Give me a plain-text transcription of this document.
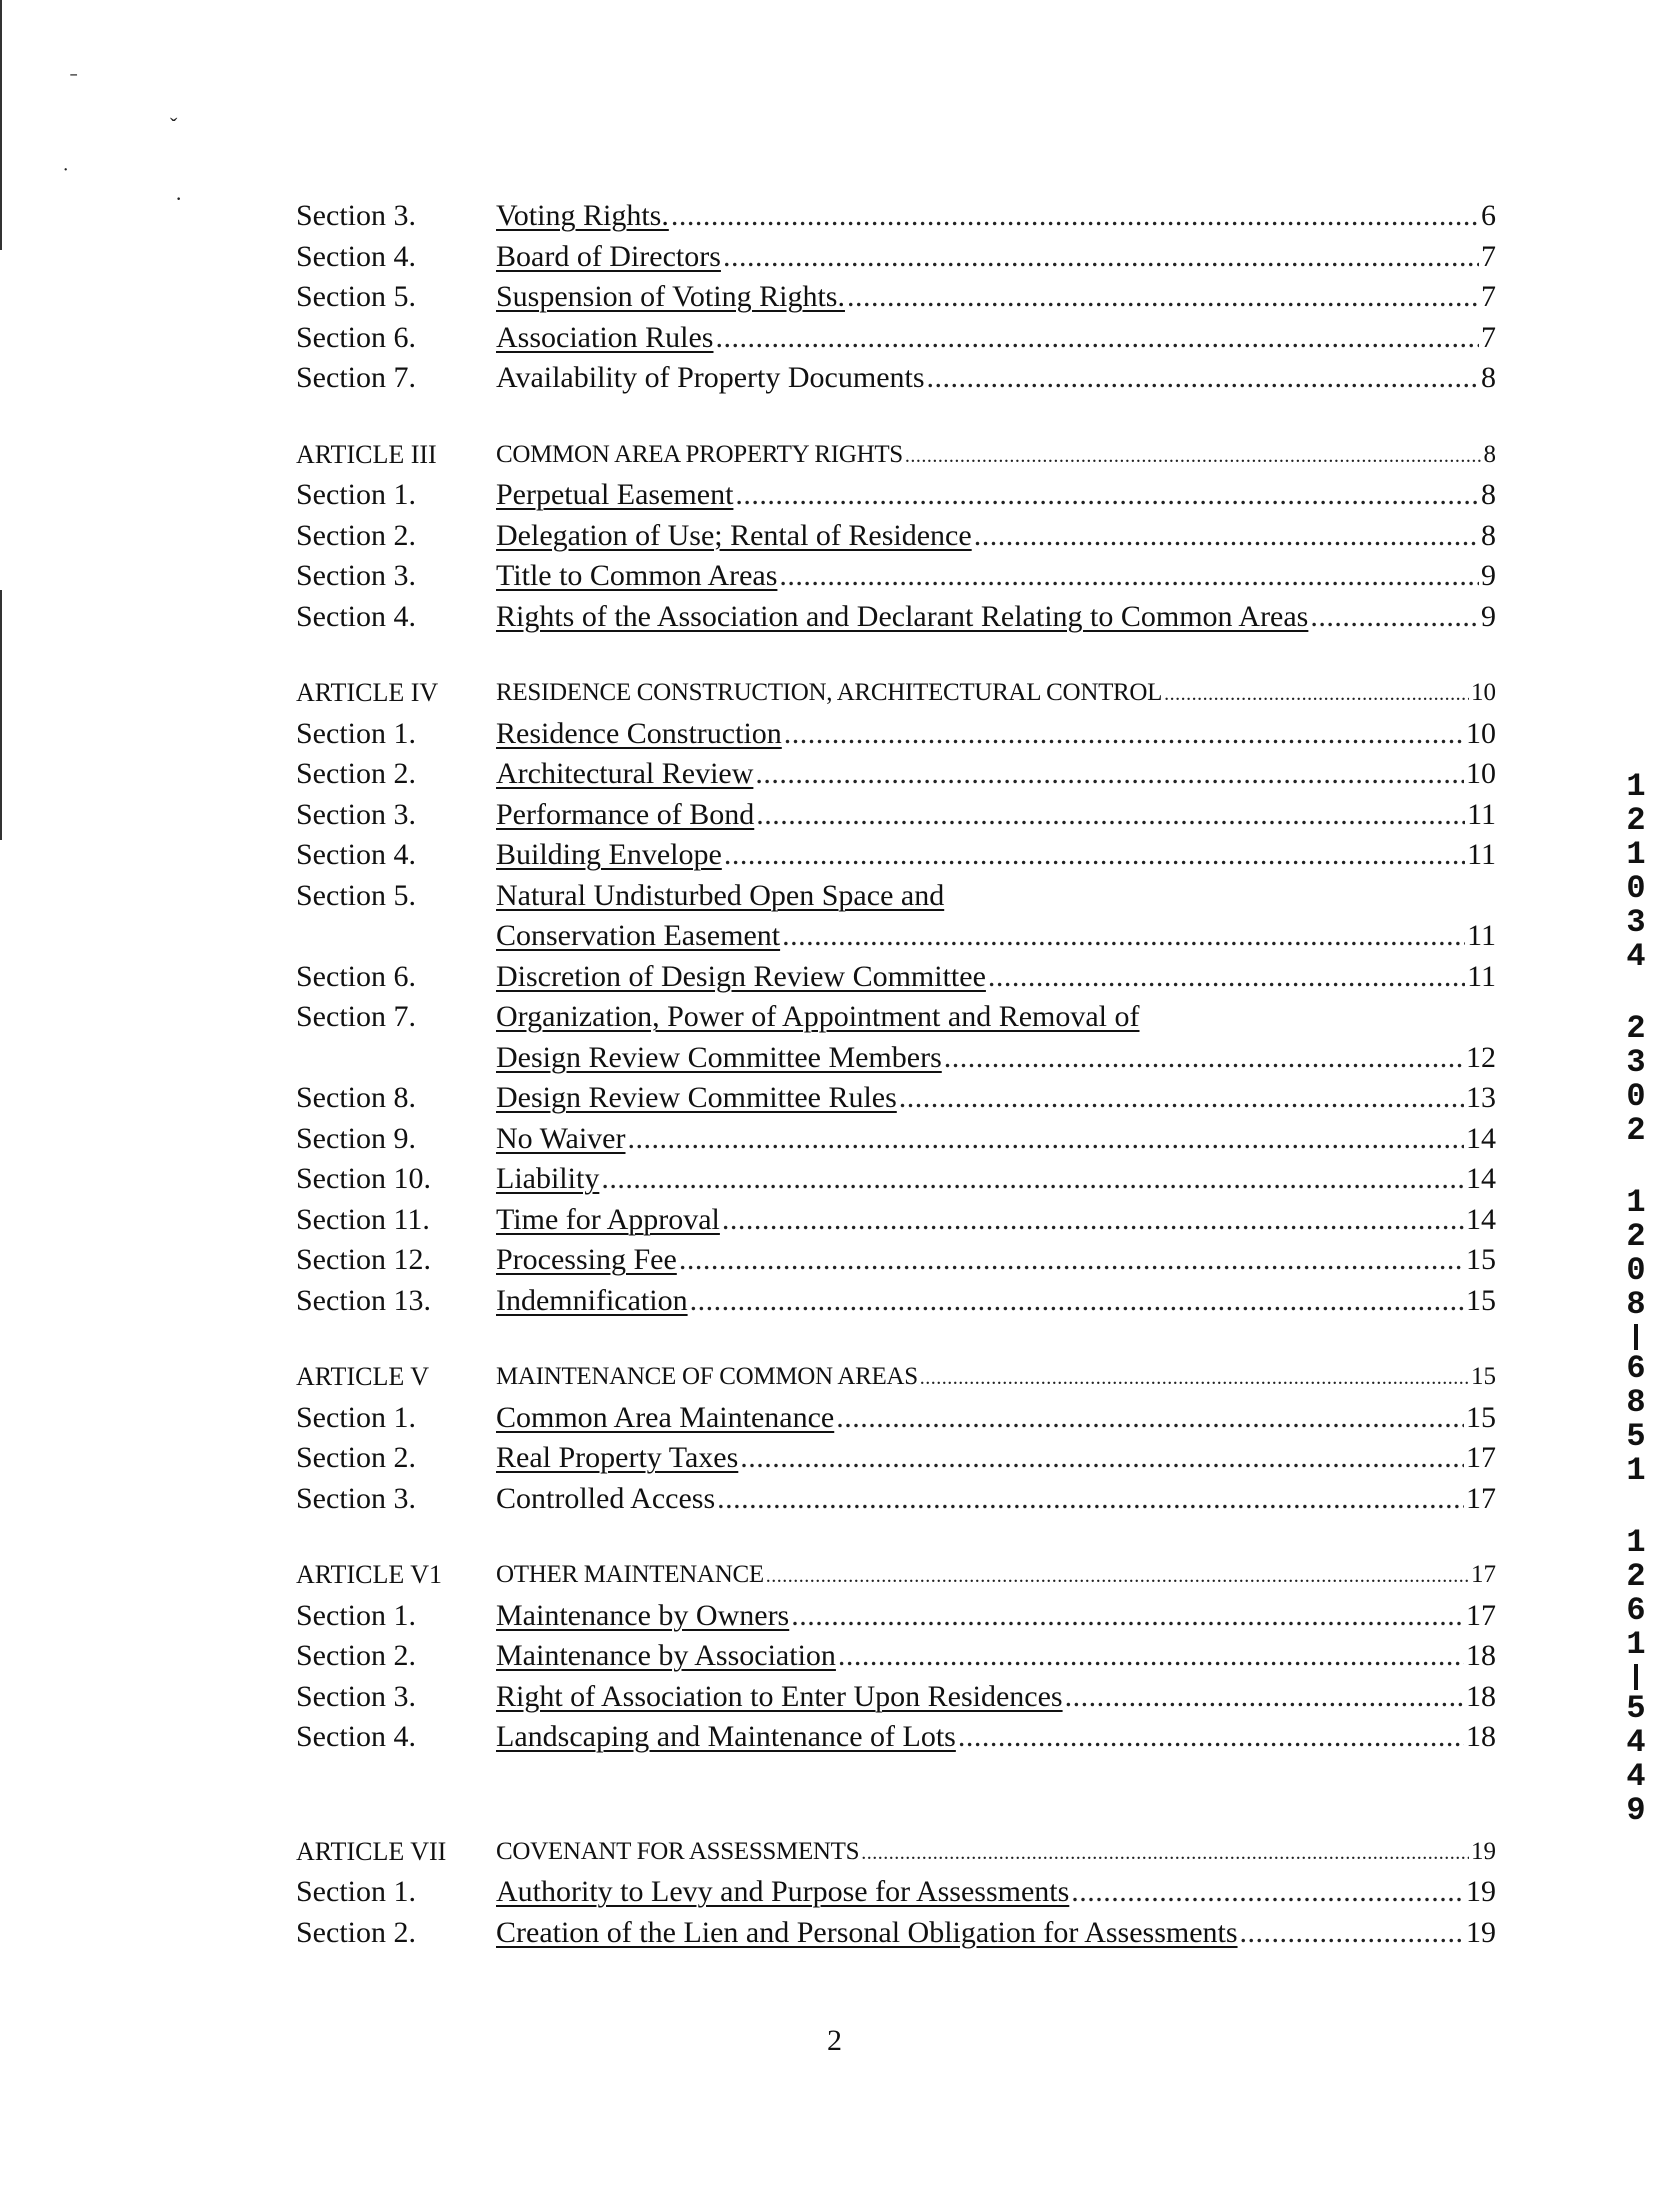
ˉ
ˇ
˙
·
Section 3.	Voting Rights. .....	6
Section 4.	Board of Directors .....	7
Section 5.	Suspension of Voting Rights. .....	7
Section 6.	Association Rules .....	7
Section 7.	Availability of Property Documents .....	8
ARTICLE III COMMON AREA PROPERTY RIGHTS .....	8
Section 1.	Perpetual Easement .....	8
Section 2.	Delegation of Use; Rental of Residence .....	8
Section 3.	Title to Common Areas .....	9
Section 4.	Rights of the Association and Declarant Relating to Common Areas .....	9
ARTICLE IV RESIDENCE CONSTRUCTION, ARCHITECTURAL CONTROL .....	10
Section 1.	Residence Construction .....	10
Section 2.	Architectural Review .....	10
Section 3.	Performance of Bond .....	11
Section 4.	Building Envelope .....	11
Section 5.	Natural Undisturbed Open Space and
Conservation Easement .....	11
Section 6.	Discretion of Design Review Committee .....	11
Section 7.	Organization, Power of Appointment and Removal of
Design Review Committee Members .....	12
Section 8.	Design Review Committee Rules .....	13
Section 9.	No Waiver .....	14
Section 10. Liability .....	14
Section 11. Time for Approval .....	14
Section 12. Processing Fee .....	15
Section 13. Indemnification .....	15
ARTICLE V	MAINTENANCE OF COMMON AREAS .....	15
Section 1.	Common Area Maintenance .....	15
Section 2.	Real Property Taxes .....	17
Section 3.	Controlled Access .....	17
ARTICLE V1 OTHER MAINTENANCE .....	17
Section 1.	Maintenance by Owners .....	17
Section 2.	Maintenance by Association .....	18
Section 3.	Right of Association to Enter Upon Residences .....	18
Section 4.	Landscaping and Maintenance of Lots .....	18
ARTICLE VII COVENANT FOR ASSESSMENTS .....	19
Section 1.	Authority to Levy and Purpose for Assessments .....	19
Section 2.	Creation of the Lien and Personal Obligation for Assessments .....	19
2
1
2
1
0
3
4
2
3
0
2
1
2
0
8
6
8
5
1
1
2
6
1
5
4
4
9
